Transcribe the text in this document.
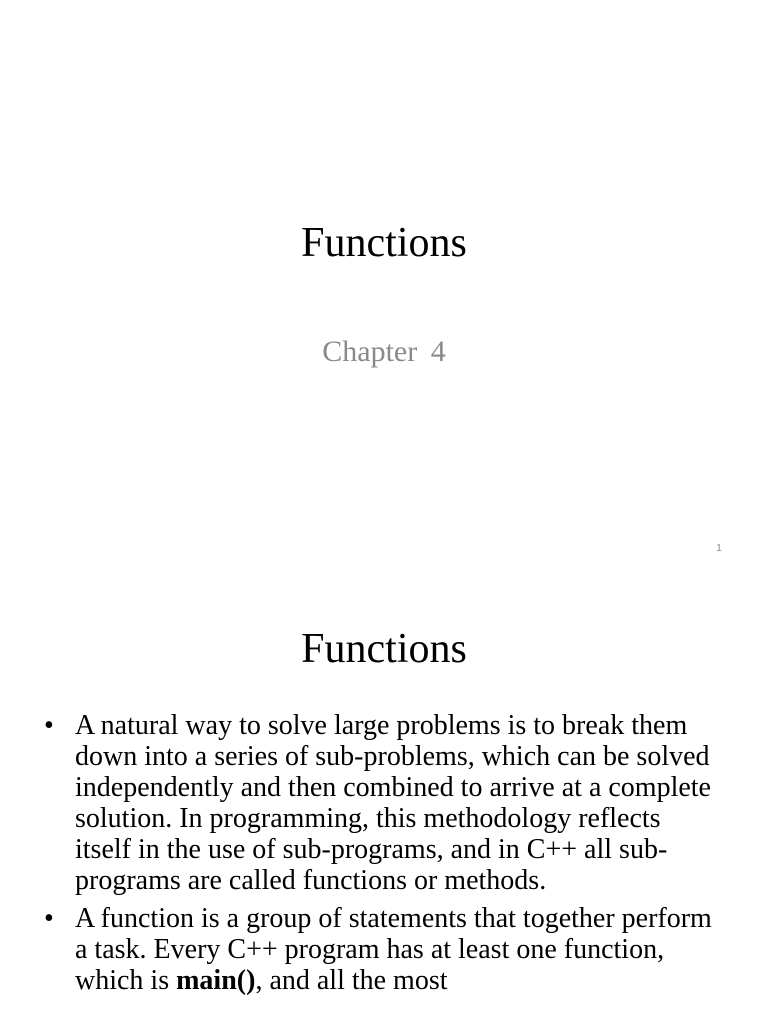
Functions
Chapter 4
1
Functions
• A natural way to solve large problems is to break them down into a series of sub-problems, which can be solved independently and then combined to arrive at a complete solution. In programming, this methodology reflects itself in the use of sub-programs, and in C++ all sub-programs are called functions or methods.
• A function is a group of statements that together perform a task. Every C++ program has at least one function, which is main(), and all the most
